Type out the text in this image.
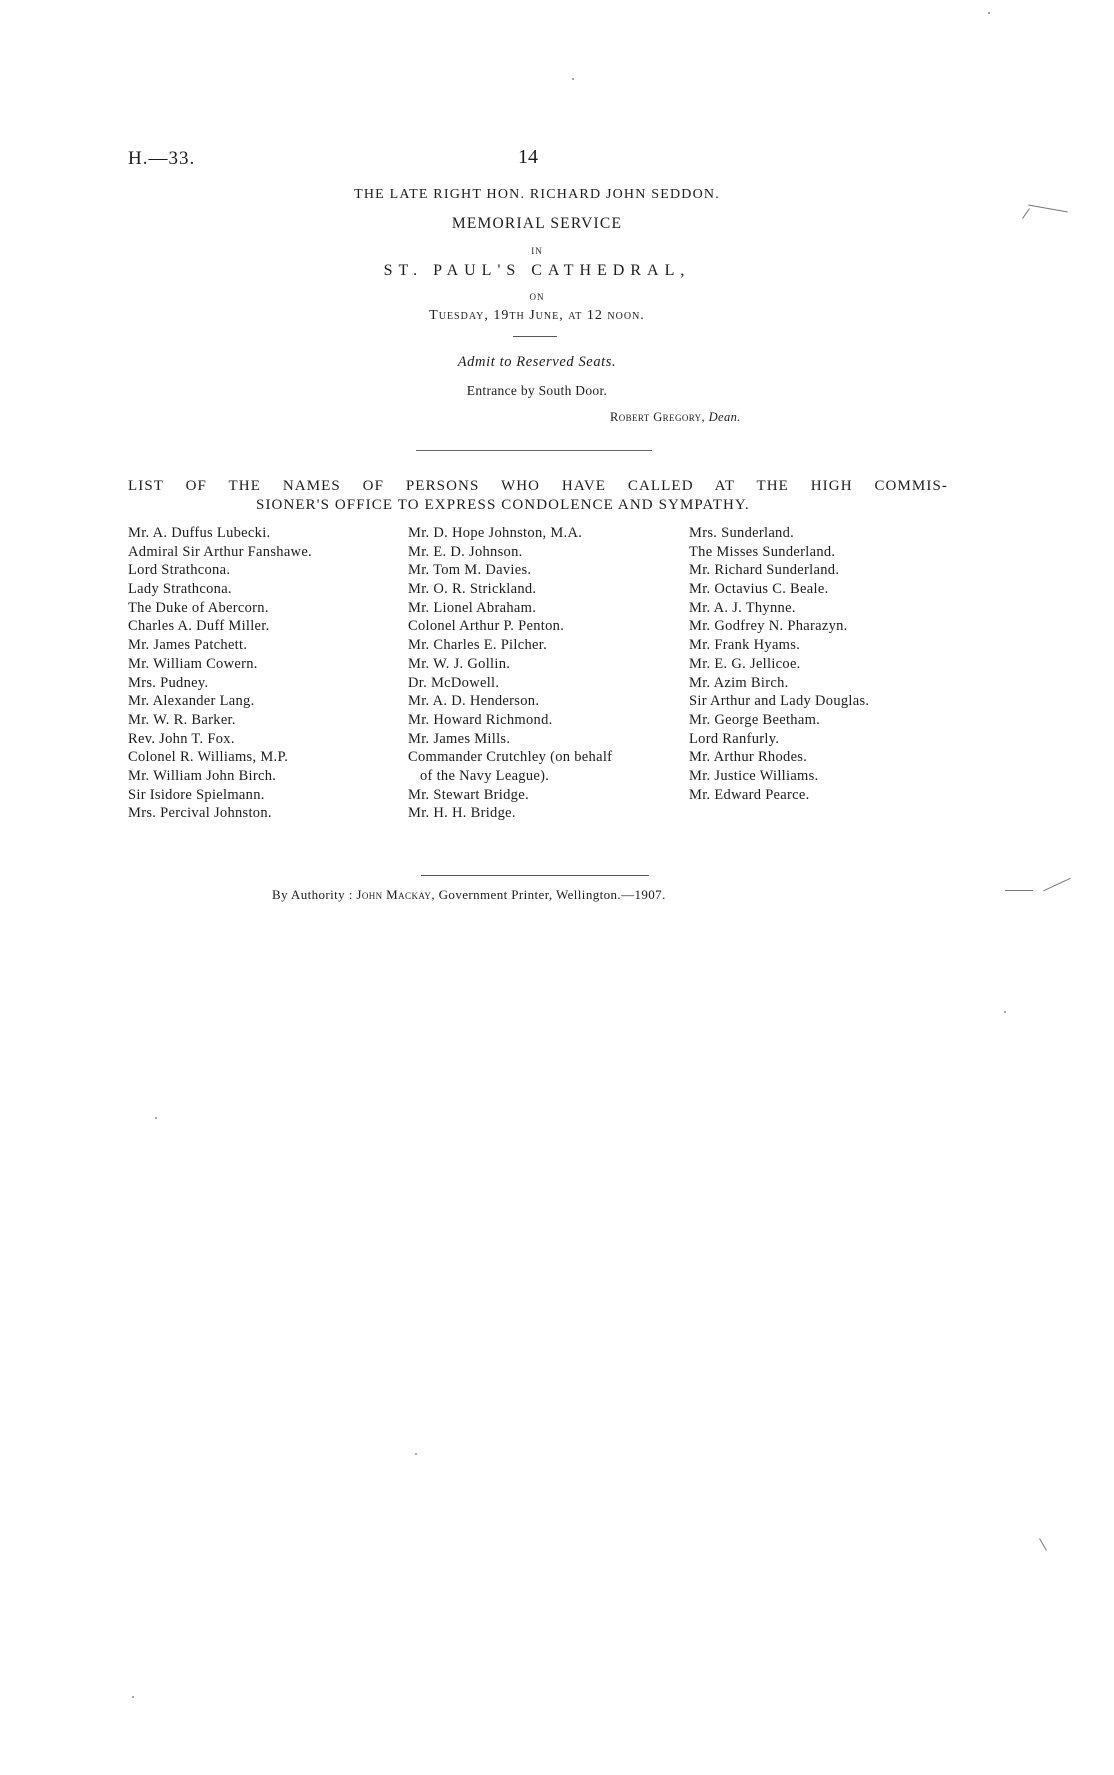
H.—33.	14
THE LATE RIGHT HON. RICHARD JOHN SEDDON.
MEMORIAL SERVICE
IN
ST. PAUL'S CATHEDRAL,
ON
Tuesday, 19th June, at 12 noon.
Admit to Reserved Seats.
Entrance by South Door.
Robert Gregory, Dean.
LIST OF THE NAMES OF PERSONS WHO HAVE CALLED AT THE HIGH COMMIS-
SIONER'S OFFICE TO EXPRESS CONDOLENCE AND SYMPATHY.
Mr. A. Duffus Lubecki.
Admiral Sir Arthur Fanshawe.
Lord Strathcona.
Lady Strathcona.
The Duke of Abercorn.
Charles A. Duff Miller.
Mr. James Patchett.
Mr. William Cowern.
Mrs. Pudney.
Mr. Alexander Lang.
Mr. W. R. Barker.
Rev. John T. Fox.
Colonel R. Williams, M.P.
Mr. William John Birch.
Sir Isidore Spielmann.
Mrs. Percival Johnston.
Mr. D. Hope Johnston, M.A.
Mr. E. D. Johnson.
Mr. Tom M. Davies.
Mr. O. R. Strickland.
Mr. Lionel Abraham.
Colonel Arthur P. Penton.
Mr. Charles E. Pilcher.
Mr. W. J. Gollin.
Dr. McDowell.
Mr. A. D. Henderson.
Mr. Howard Richmond.
Mr. James Mills.
Commander Crutchley (on behalf
of the Navy League).
Mr. Stewart Bridge.
Mr. H. H. Bridge.
Mrs. Sunderland.
The Misses Sunderland.
Mr. Richard Sunderland.
Mr. Octavius C. Beale.
Mr. A. J. Thynne.
Mr. Godfrey N. Pharazyn.
Mr. Frank Hyams.
Mr. E. G. Jellicoe.
Mr. Azim Birch.
Sir Arthur and Lady Douglas.
Mr. George Beetham.
Lord Ranfurly.
Mr. Arthur Rhodes.
Mr. Justice Williams.
Mr. Edward Pearce.
By Authority : John Mackay, Government Printer, Wellington.—1907.
